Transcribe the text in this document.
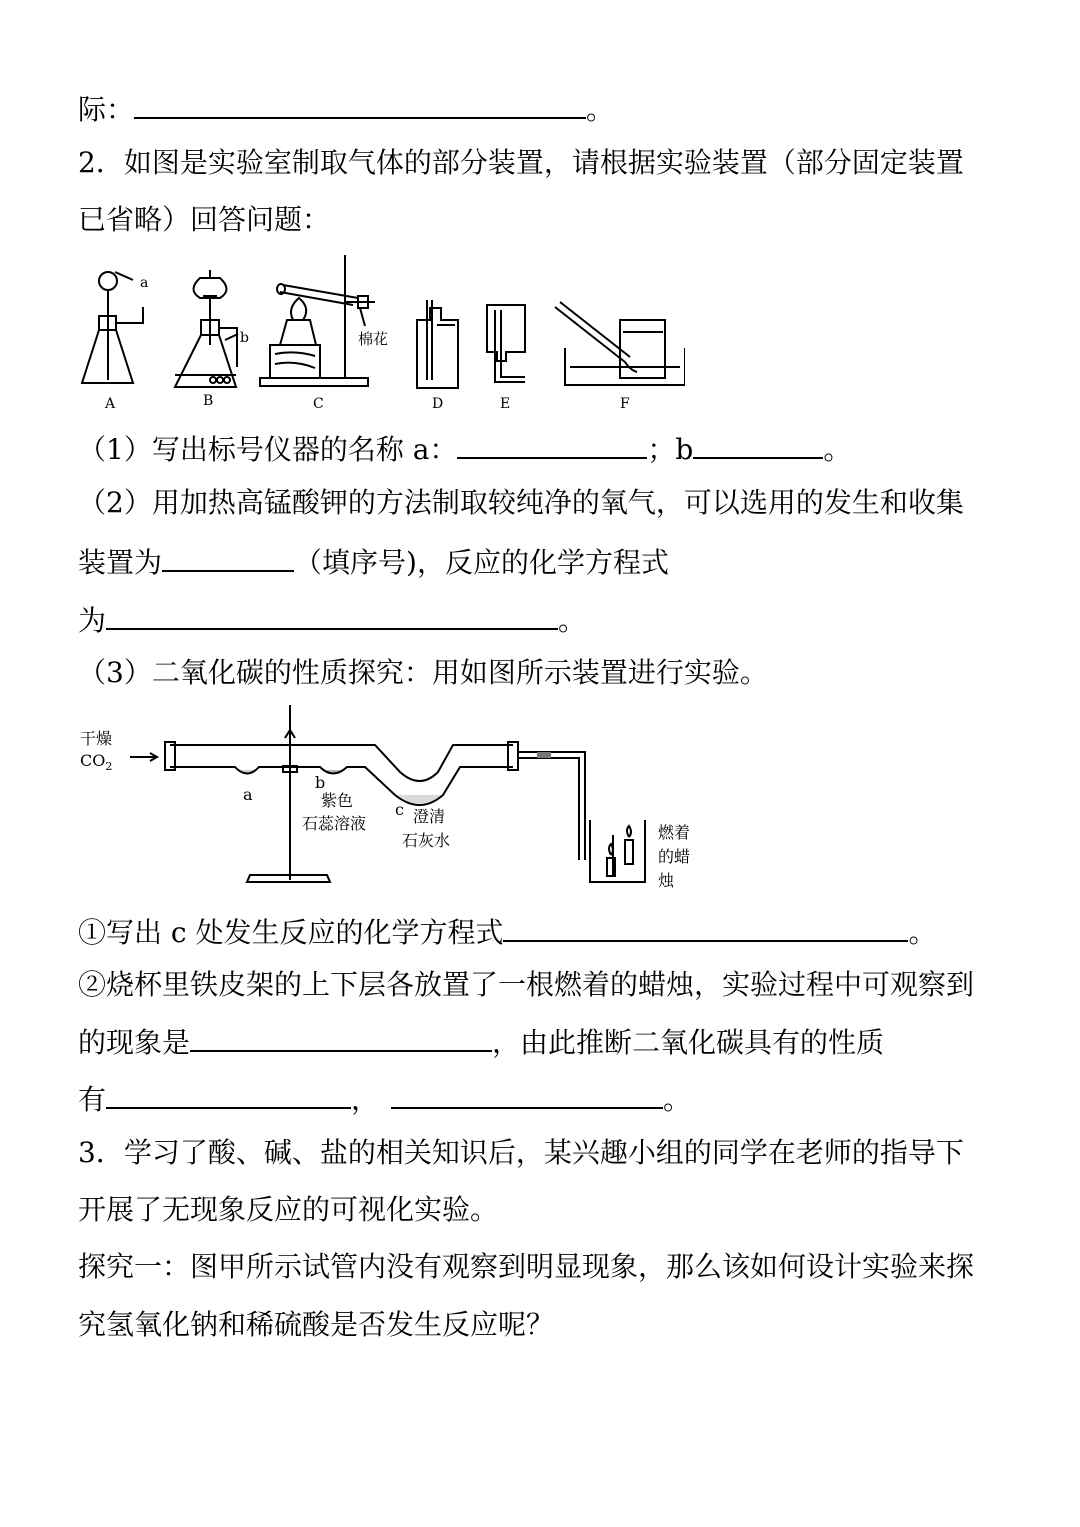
际：	。
2．如图是实验室制取气体的部分装置，请根据实验装置（部分固定装置
已省略）回答问题：
a
b	棉花
A	B	C	D	E	F
（1）写出标号仪器的名称 a：	；b	。
（2）用加热高锰酸钾的方法制取较纯净的氧气，可以选用的发生和收集
装置为	（填序号)，反应的化学方程式
为	。
（3）二氧化碳的性质探究：用如图所示装置进行实验。
干燥
$CO_2$
a
b
c
紫色
石蕊溶液	澄清
石灰水	燃着
的蜡
烛
①写出 c 处发生反应的化学方程式	。
②烧杯里铁皮架的上下层各放置了一根燃着的蜡烛，实验过程中可观察到
的现象是	，由此推断二氧化碳具有的性质
有	，	。
3．学习了酸、碱、盐的相关知识后，某兴趣小组的同学在老师的指导下
开展了无现象反应的可视化实验。
探究一：图甲所示试管内没有观察到明显现象，那么该如何设计实验来探
究氢氧化钠和稀硫酸是否发生反应呢？
